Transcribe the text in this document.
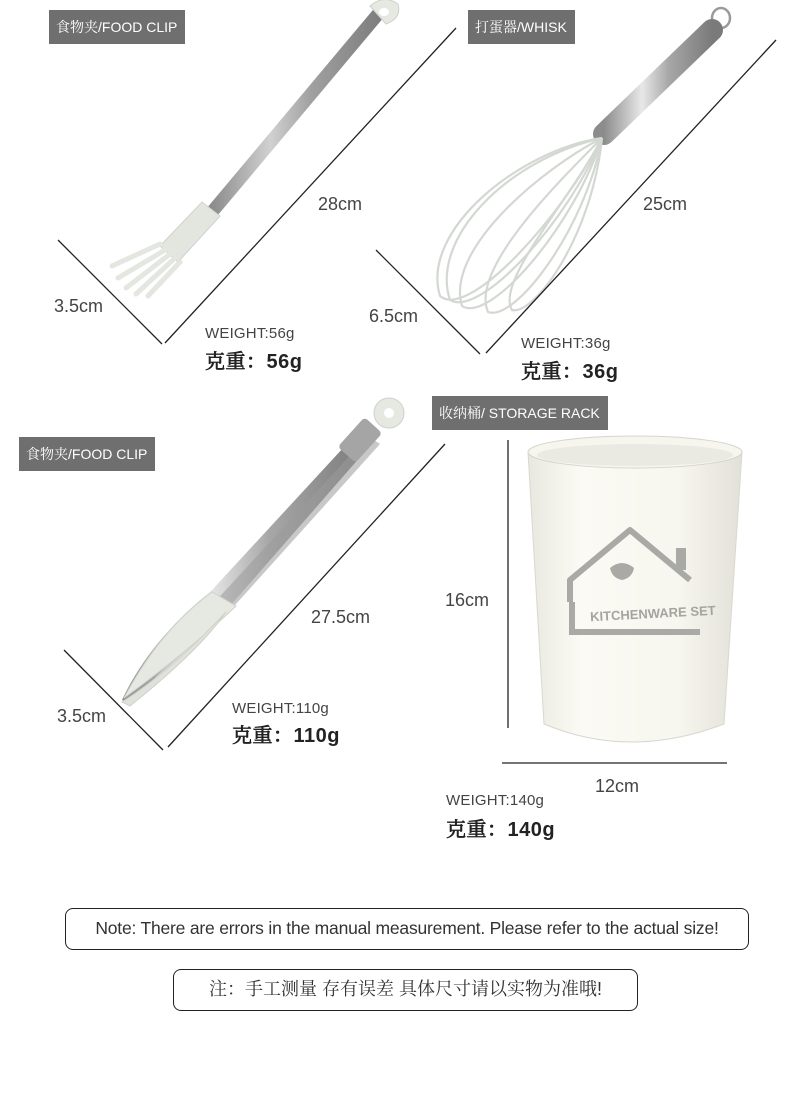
KITCHENWARE SET
食物夹/FOOD CLIP
28cm
3.5cm
WEIGHT:56g
克重：56g
打蛋器/WHISK
25cm
6.5cm
WEIGHT:36g
克重：36g
食物夹/FOOD CLIP
27.5cm
3.5cm	WEIGHT:110g
克重：110g
收纳桶/ STORAGE RACK
16cm
12cm
WEIGHT:140g
克重：140g
Note: There are errors in the manual measurement. Please refer to the actual size!
注：手工测量 存有误差 具体尺寸请以实物为准哦!
